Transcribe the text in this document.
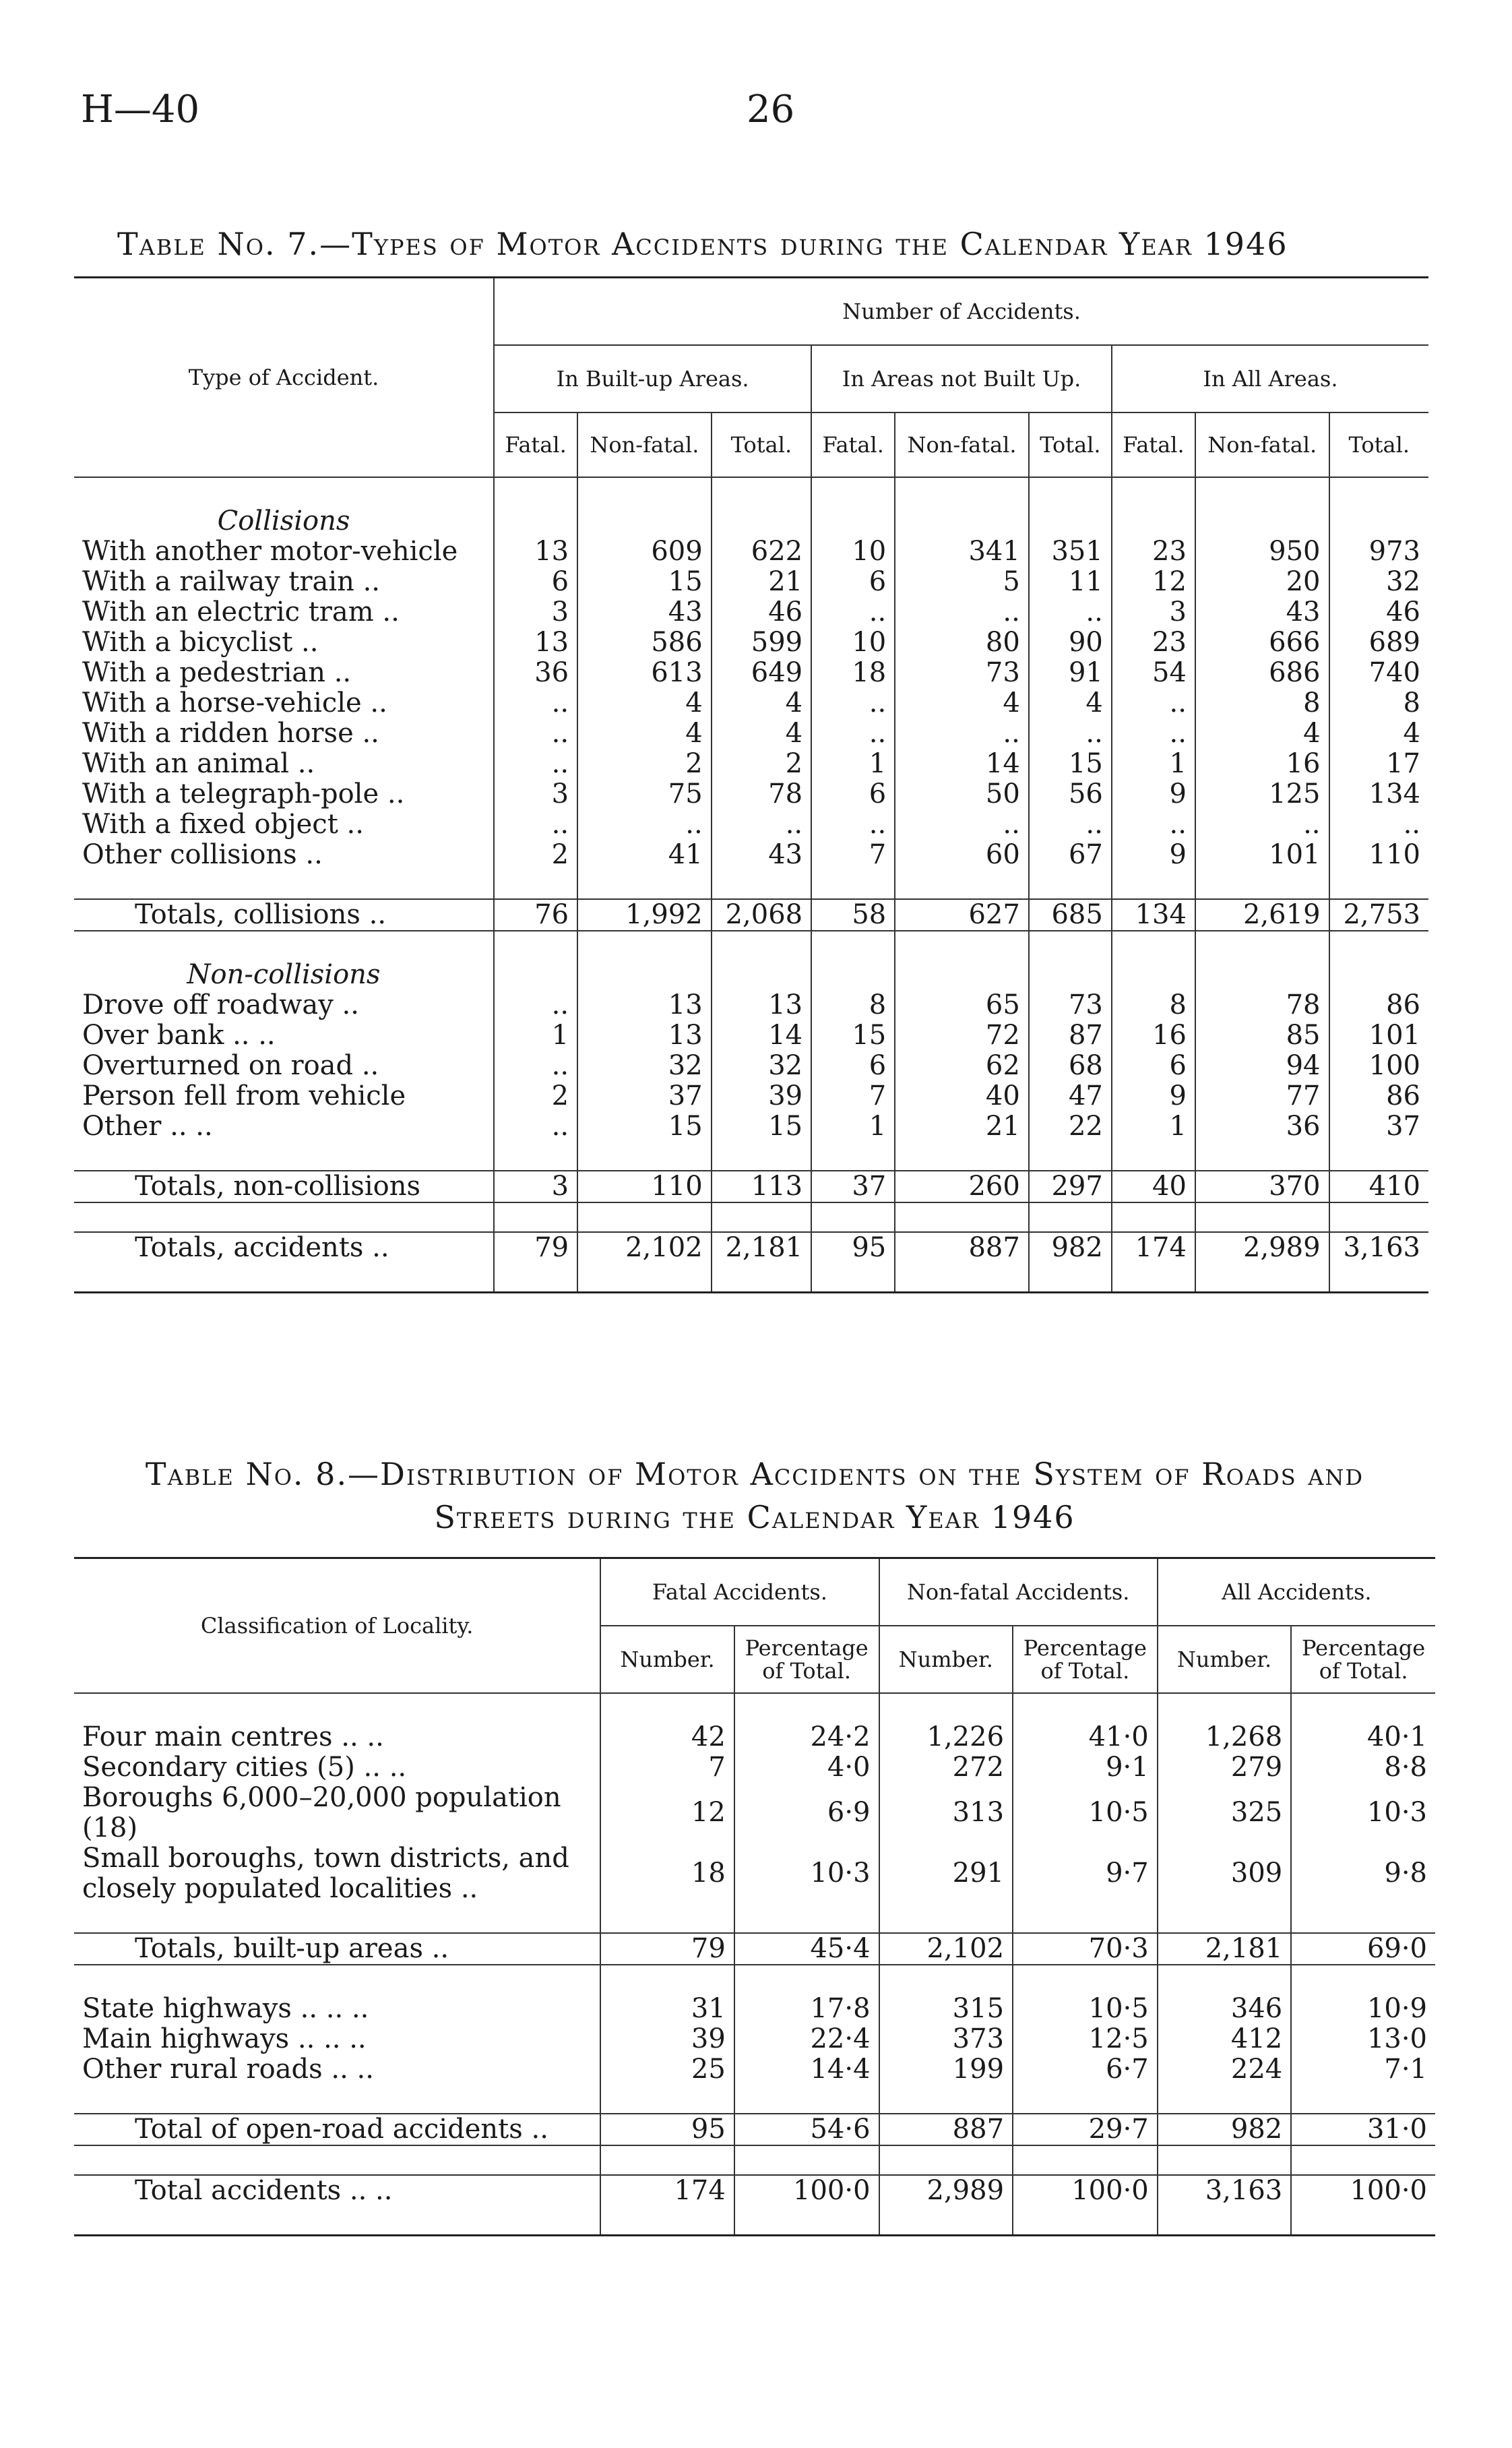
H—40	26
Table No. 7.—Types of Motor Accidents during the Calendar Year 1946
Type of Accident.	Number of Accidents.								
	In Built-up Areas.			In Areas not Built Up.			In All Areas.		
	Fatal.	Non-fatal.	Total.	Fatal.	Non-fatal.	Total.	Fatal.	Non-fatal.	Total.

Collisions									
With another motor-vehicle	13	609	622	10	341	351	23	950	973
With a railway train ..	6	15	21	6	5	11	12	20	32
With an electric tram ..	3	43	46	..	..	..	3	43	46
With a bicyclist ..	13	586	599	10	80	90	23	666	689
With a pedestrian ..	36	613	649	18	73	91	54	686	740
With a horse-vehicle ..	..	4	4	..	4	4	..	8	8
With a ridden horse ..	..	4	4	..	..	..	..	4	4
With an animal ..	..	2	2	1	14	15	1	16	17
With a telegraph-pole ..	3	75	78	6	50	56	9	125	134
With a fixed object ..	..	..	..	..	..	..	..	..	..
Other collisions ..	2	41	43	7	60	67	9	101	110

Totals, collisions ..	76	1,992	2,068	58	627	685	134	2,619	2,753

Non-collisions									
Drove off roadway ..	..	13	13	8	65	73	8	78	86
Over bank .. ..	1	13	14	15	72	87	16	85	101
Overturned on road ..	..	32	32	6	62	68	6	94	100
Person fell from vehicle	2	37	39	7	40	47	9	77	86
Other .. ..	..	15	15	1	21	22	1	36	37

Totals, non-collisions	3	110	113	37	260	297	40	370	410

Totals, accidents ..	79	2,102	2,181	95	887	982	174	2,989	3,163

Table No. 8.—Distribution of Motor Accidents on the System of Roads and
Streets during the Calendar Year 1946
Classification of Locality.	Fatal Accidents.		Non-fatal Accidents.		All Accidents.	
	Number.	Percentage of Total.	Number.	Percentage of Total.	Number.	Percentage of Total.

Four main centres .. ..	42	24·2	1,226	41·0	1,268	40·1
Secondary cities (5) .. ..	7	4·0	272	9·1	279	8·8
Boroughs 6,000–20,000 population (18)	12	6·9	313	10·5	325	10·3
Small boroughs, town districts, and closely populated localities ..	18	10·3	291	9·7	309	9·8

Totals, built-up areas ..	79	45·4	2,102	70·3	2,181	69·0

State highways .. .. ..	31	17·8	315	10·5	346	10·9
Main highways .. .. ..	39	22·4	373	12·5	412	13·0
Other rural roads .. ..	25	14·4	199	6·7	224	7·1

Total of open-road accidents ..	95	54·6	887	29·7	982	31·0

Total accidents .. ..	174	100·0	2,989	100·0	3,163	100·0
